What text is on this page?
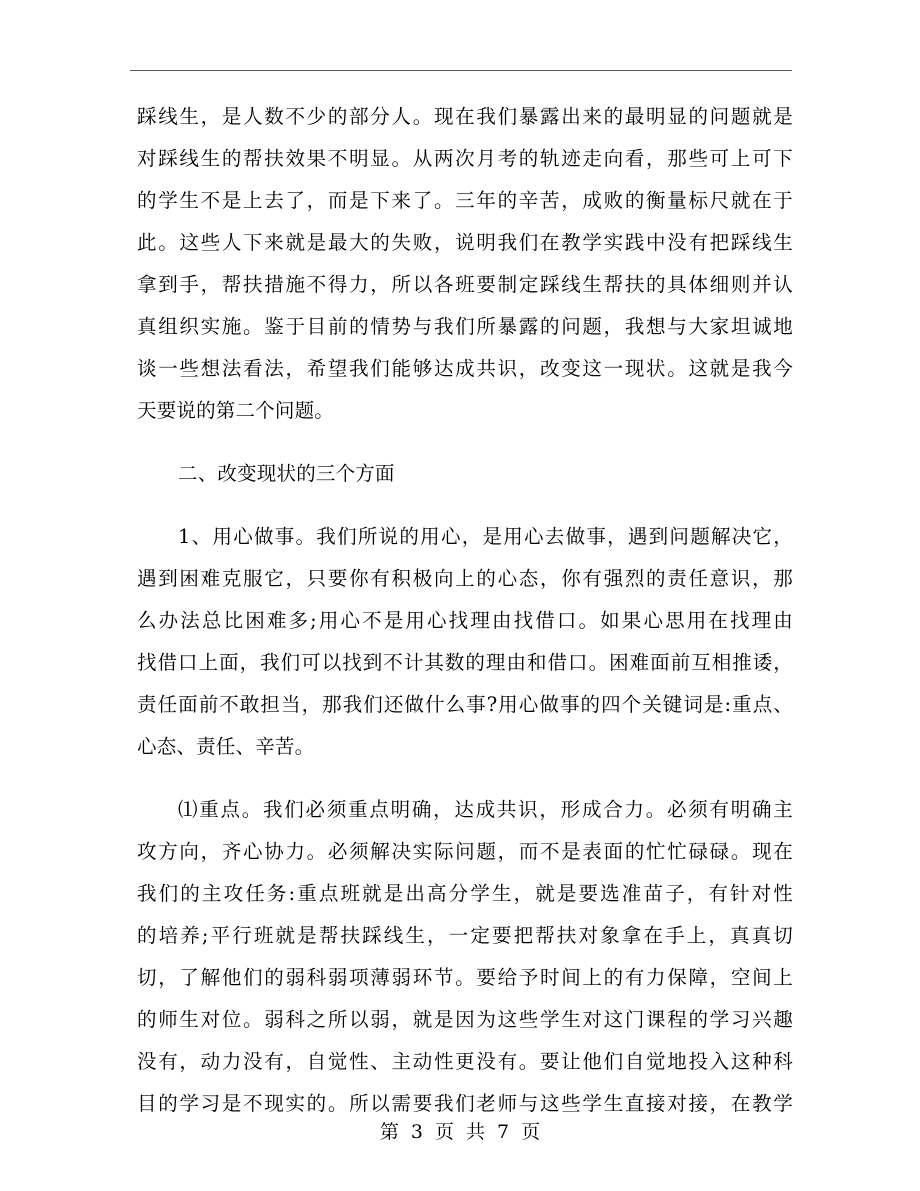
踩线生，是人数不少的部分人。现在我们暴露出来的最明显的问题就是
对踩线生的帮扶效果不明显。从两次月考的轨迹走向看，那些可上可下
的学生不是上去了，而是下来了。三年的辛苦，成败的衡量标尺就在于
此。这些人下来就是最大的失败，说明我们在教学实践中没有把踩线生
拿到手，帮扶措施不得力，所以各班要制定踩线生帮扶的具体细则并认
真组织实施。鉴于目前的情势与我们所暴露的问题，我想与大家坦诚地
谈一些想法看法，希望我们能够达成共识，改变这一现状。这就是我今
天要说的第二个问题。
二、改变现状的三个方面
1、用心做事。我们所说的用心，是用心去做事，遇到问题解决它，
遇到困难克服它，只要你有积极向上的心态，你有强烈的责任意识，那
么办法总比困难多;用心不是用心找理由找借口。如果心思用在找理由
找借口上面，我们可以找到不计其数的理由和借口。困难面前互相推诿，
责任面前不敢担当，那我们还做什么事?用心做事的四个关键词是:重点、
心态、责任、辛苦。
⑴重点。我们必须重点明确，达成共识，形成合力。必须有明确主
攻方向，齐心协力。必须解决实际问题，而不是表面的忙忙碌碌。现在
我们的主攻任务:重点班就是出高分学生，就是要选准苗子，有针对性
的培养;平行班就是帮扶踩线生，一定要把帮扶对象拿在手上，真真切
切，了解他们的弱科弱项薄弱环节。要给予时间上的有力保障，空间上
的师生对位。弱科之所以弱，就是因为这些学生对这门课程的学习兴趣
没有，动力没有，自觉性、主动性更没有。要让他们自觉地投入这种科
目的学习是不现实的。所以需要我们老师与这些学生直接对接，在教学
第 3 页 共 7 页
